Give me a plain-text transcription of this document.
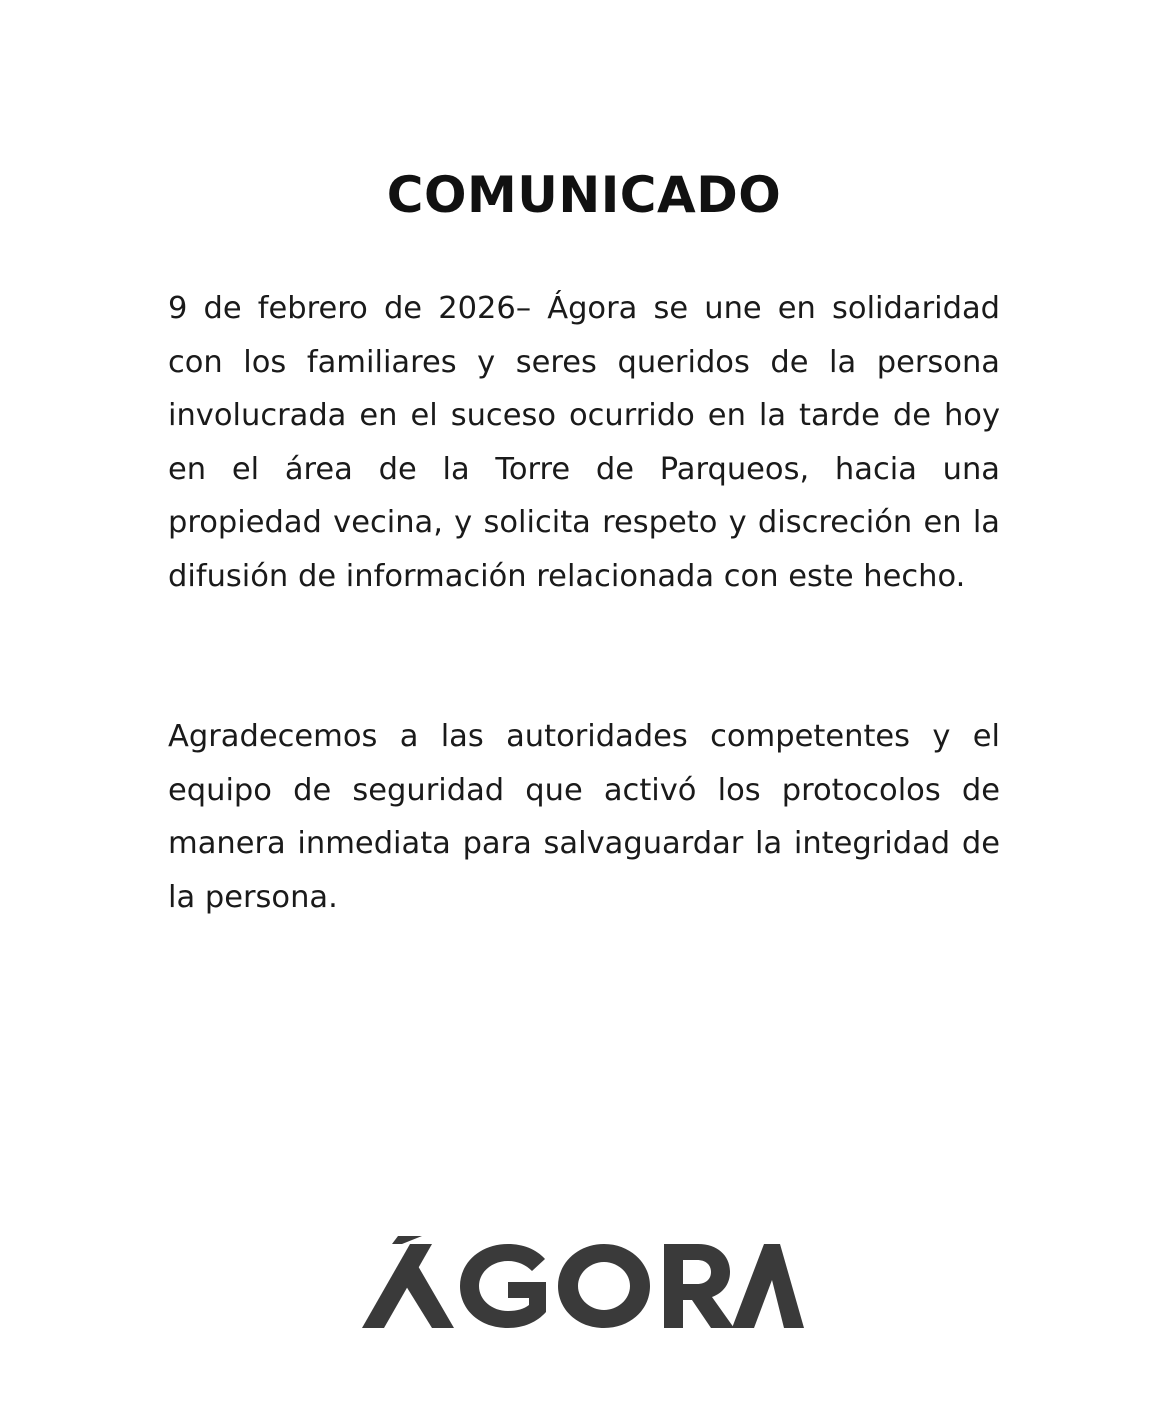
COMUNICADO

9 de febrero de 2026– Ágora se une en solidaridad con los familiares y seres queridos de la persona involucrada en el suceso ocurrido en la tarde de hoy en el área de la Torre de Parqueos, hacia una propiedad vecina, y solicita respeto y discreción en la difusión de información relacionada con este hecho.

Agradecemos a las autoridades competentes y el equipo de seguridad que activó los protocolos de manera inmediata para salvaguardar la integridad de la persona.
